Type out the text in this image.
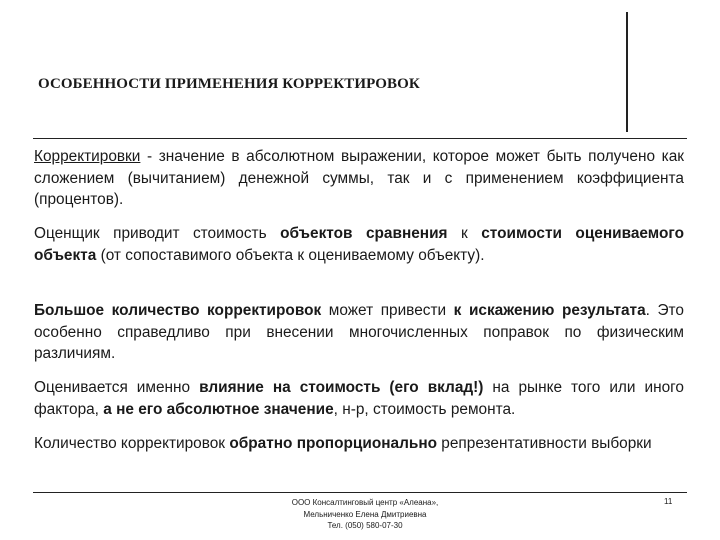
ОСОБЕННОСТИ ПРИМЕНЕНИЯ КОРРЕКТИРОВОК
Корректировки - значение в абсолютном выражении, которое может быть получено как сложением (вычитанием) денежной суммы, так и с применением коэффициента (процентов).
Оценщик приводит стоимость объектов сравнения к стоимости оцениваемого объекта (от сопоставимого объекта к оцениваемому объекту).
Большое количество корректировок может привести к искажению результата. Это особенно справедливо при внесении многочисленных поправок по физическим различиям.
Оценивается именно влияние на стоимость (его вклад!) на рынке того или иного фактора, а не его абсолютное значение, н-р, стоимость ремонта.
Количество корректировок обратно пропорционально репрезентативности выборки
ООО Консалтинговый центр «Алеана»,
Мельниченко Елена Дмитриевна
Тел. (050) 580-07-30
11
